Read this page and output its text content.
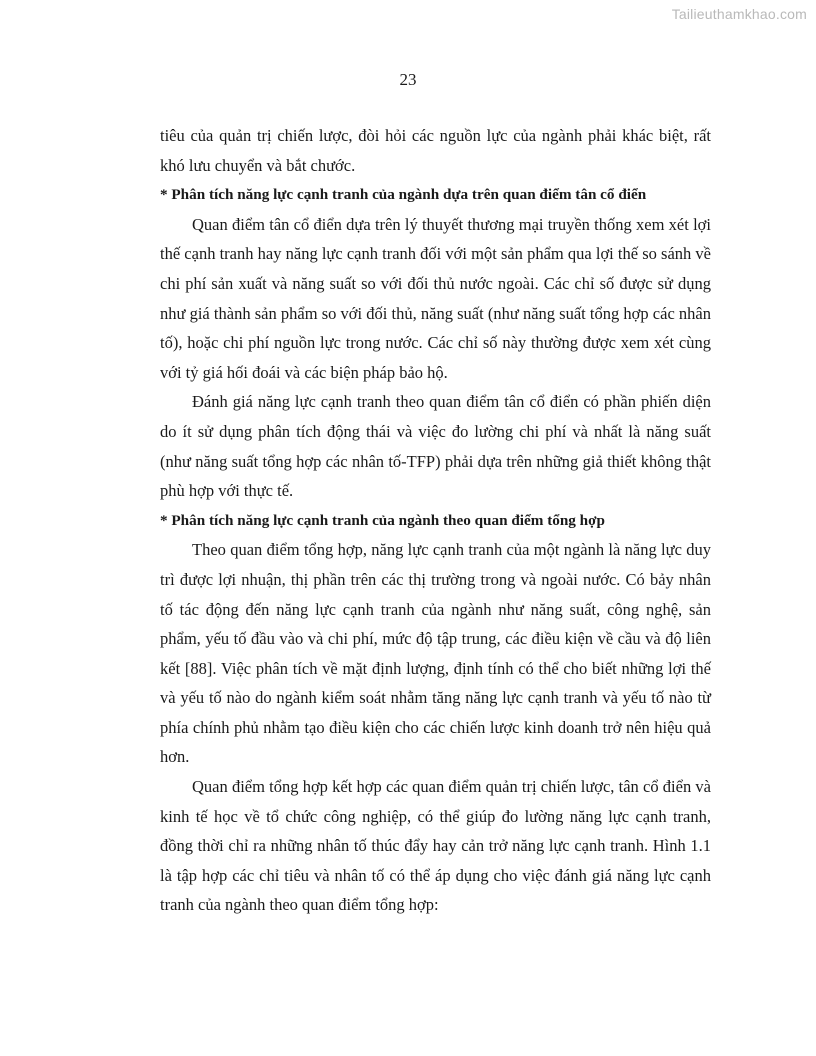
Tailieuthamkhao.com
23

tiêu của quản trị chiến lược, đòi hỏi các nguồn lực của ngành phải khác biệt, rất khó lưu chuyển và bắt chước.

* Phân tích năng lực cạnh tranh của ngành dựa trên quan điểm tân cổ điển

Quan điểm tân cổ điển dựa trên lý thuyết thương mại truyền thống xem xét lợi thế cạnh tranh hay năng lực cạnh tranh đối với một sản phẩm qua lợi thế so sánh về chi phí sản xuất và năng suất so với đối thủ nước ngoài. Các chỉ số được sử dụng như giá thành sản phẩm so với đối thủ, năng suất (như năng suất tổng hợp các nhân tố), hoặc chi phí nguồn lực trong nước. Các chỉ số này thường được xem xét cùng với tỷ giá hối đoái và các biện pháp bảo hộ.

Đánh giá năng lực cạnh tranh theo quan điểm tân cổ điển có phần phiến diện do ít sử dụng phân tích động thái và việc đo lường chi phí và nhất là năng suất (như năng suất tổng hợp các nhân tố-TFP) phải dựa trên những giả thiết không thật phù hợp với thực tế.

* Phân tích năng lực cạnh tranh của ngành theo quan điểm tổng hợp

Theo quan điểm tổng hợp, năng lực cạnh tranh của một ngành là năng lực duy trì được lợi nhuận, thị phần trên các thị trường trong và ngoài nước. Có bảy nhân tố tác động đến năng lực cạnh tranh của ngành như năng suất, công nghệ, sản phẩm, yếu tố đầu vào và chi phí, mức độ tập trung, các điều kiện về cầu và độ liên kết [88]. Việc phân tích về mặt định lượng, định tính có thể cho biết những lợi thế và yếu tố nào do ngành kiểm soát nhằm tăng năng lực cạnh tranh và yếu tố nào từ phía chính phủ nhằm tạo điều kiện cho các chiến lược kinh doanh trở nên hiệu quả hơn.

Quan điểm tổng hợp kết hợp các quan điểm quản trị chiến lược, tân cổ điển và kinh tế học về tổ chức công nghiệp, có thể giúp đo lường năng lực cạnh tranh, đồng thời chỉ ra những nhân tố thúc đẩy hay cản trở năng lực cạnh tranh. Hình 1.1 là tập hợp các chỉ tiêu và nhân tố có thể áp dụng cho việc đánh giá năng lực cạnh tranh của ngành theo quan điểm tổng hợp:
